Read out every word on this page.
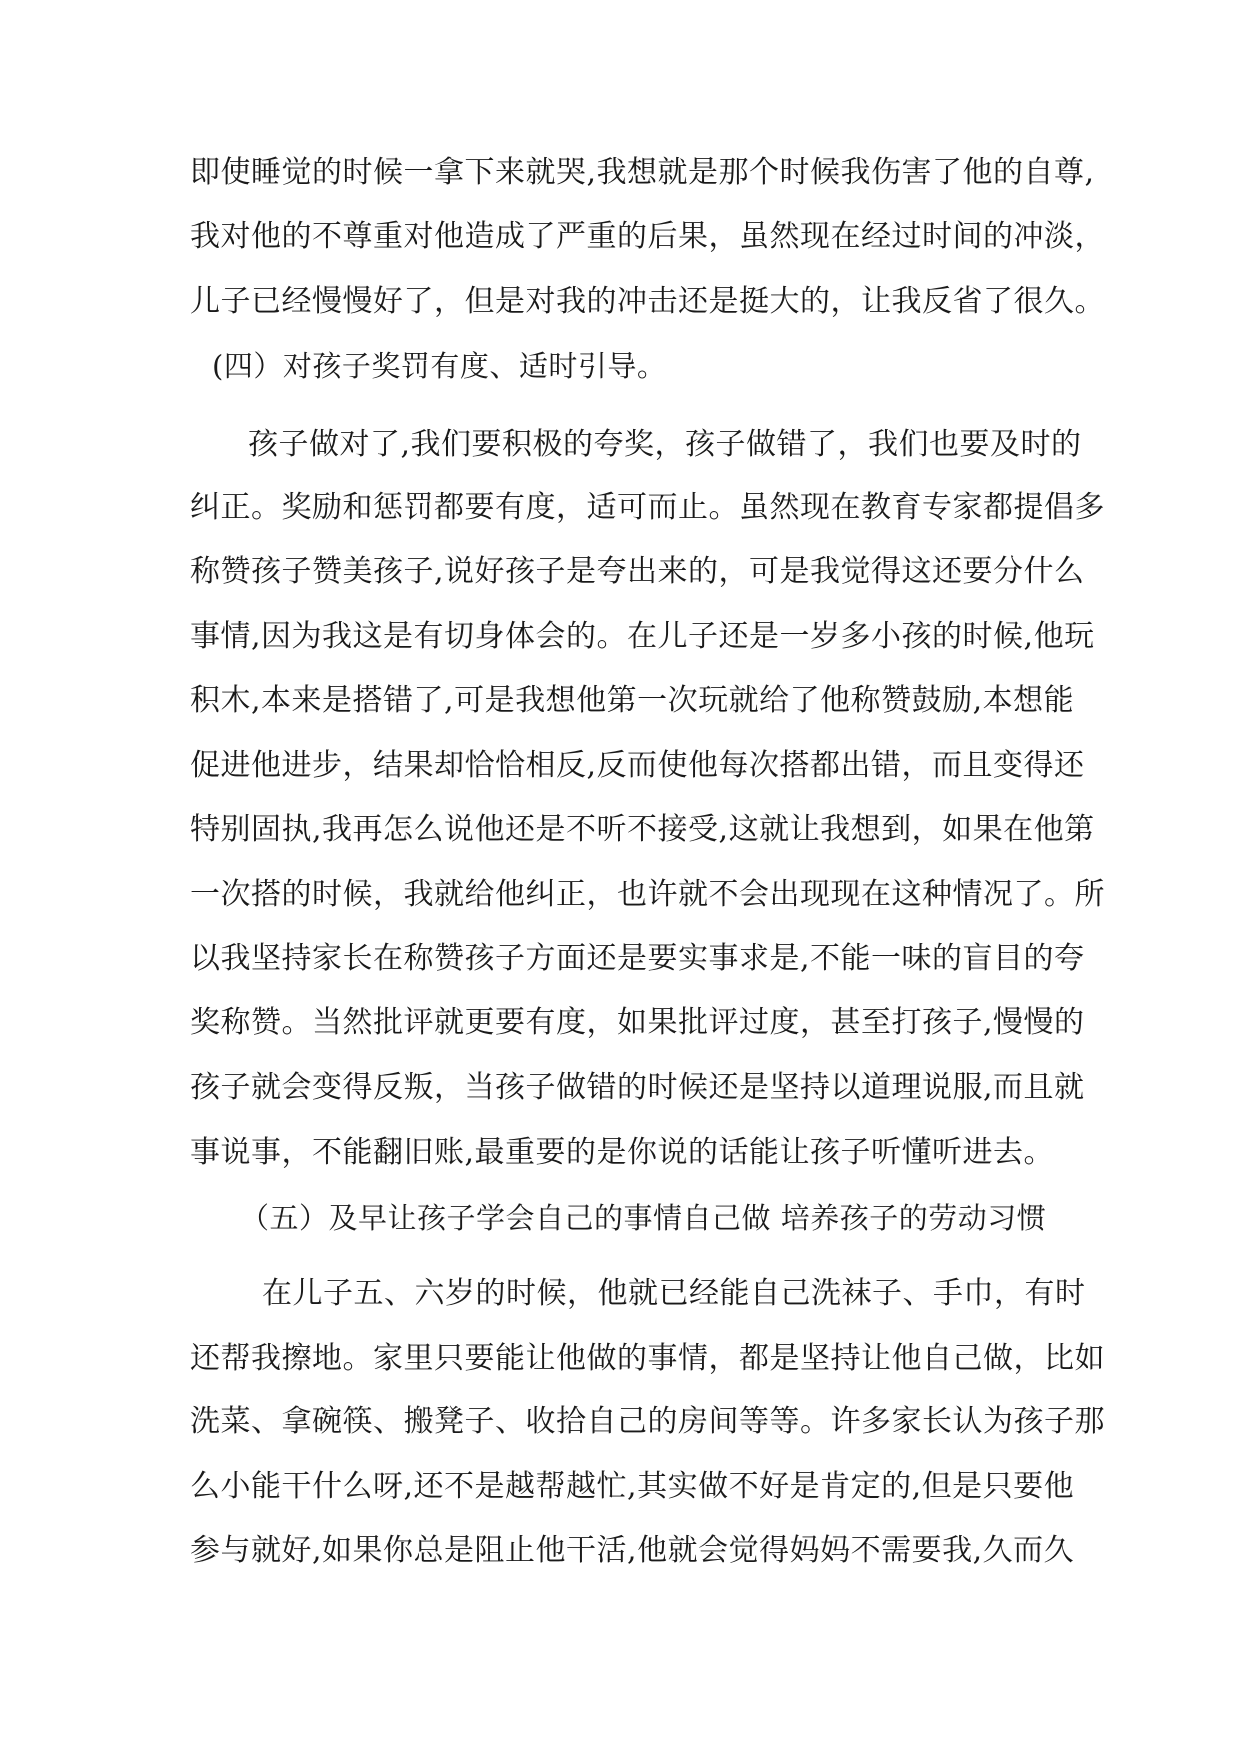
即使睡觉的时候一拿下来就哭,我想就是那个时候我伤害了他的自尊,
我对他的不尊重对他造成了严重的后果，虽然现在经过时间的冲淡，
儿子已经慢慢好了，但是对我的冲击还是挺大的，让我反省了很久。
(四）对孩子奖罚有度、适时引导。
孩子做对了,我们要积极的夸奖，孩子做错了，我们也要及时的
纠正。奖励和惩罚都要有度，适可而止。虽然现在教育专家都提倡多
称赞孩子赞美孩子,说好孩子是夸出来的，可是我觉得这还要分什么
事情,因为我这是有切身体会的。在儿子还是一岁多小孩的时候,他玩
积木,本来是搭错了,可是我想他第一次玩就给了他称赞鼓励,本想能
促进他进步，结果却恰恰相反,反而使他每次搭都出错，而且变得还
特别固执,我再怎么说他还是不听不接受,这就让我想到，如果在他第
一次搭的时候，我就给他纠正，也许就不会出现现在这种情况了。所
以我坚持家长在称赞孩子方面还是要实事求是,不能一味的盲目的夸
奖称赞。当然批评就更要有度，如果批评过度，甚至打孩子,慢慢的
孩子就会变得反叛，当孩子做错的时候还是坚持以道理说服,而且就
事说事，不能翻旧账,最重要的是你说的话能让孩子听懂听进去。
（五）及早让孩子学会自己的事情自己做 培养孩子的劳动习惯
在儿子五、六岁的时候，他就已经能自己洗袜子、手巾，有时
还帮我擦地。家里只要能让他做的事情，都是坚持让他自己做，比如
洗菜、拿碗筷、搬凳子、收拾自己的房间等等。许多家长认为孩子那
么小能干什么呀,还不是越帮越忙,其实做不好是肯定的,但是只要他
参与就好,如果你总是阻止他干活,他就会觉得妈妈不需要我,久而久
